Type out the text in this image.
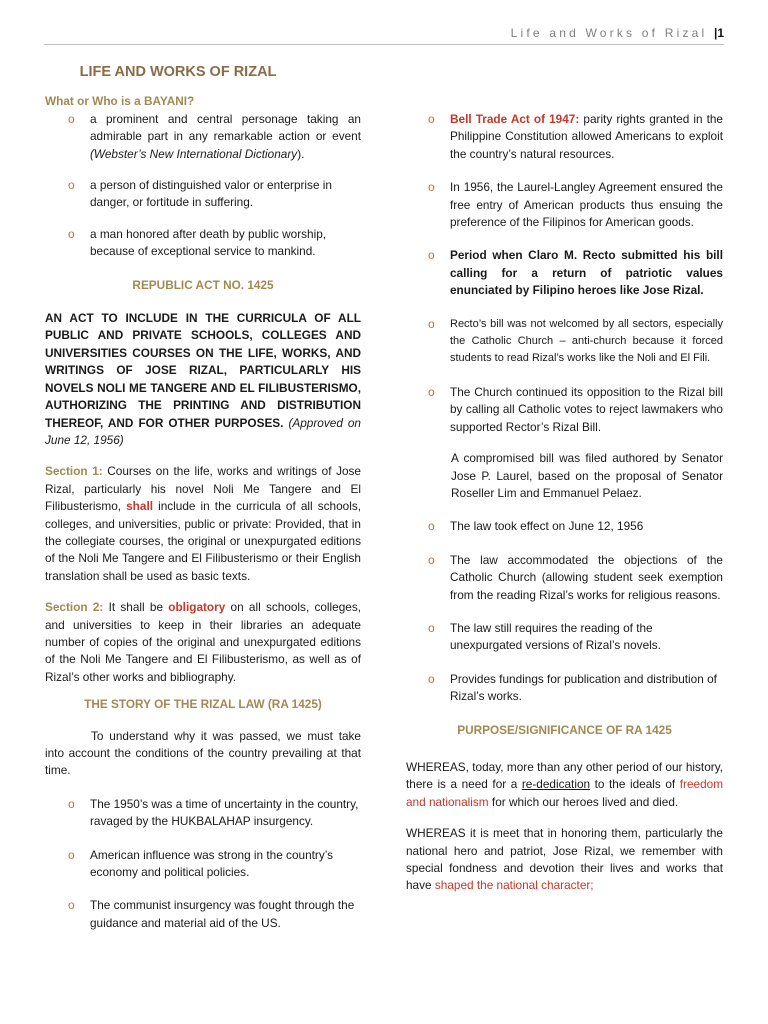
Life and Works of Rizal |1
LIFE AND WORKS OF RIZAL
What or Who is a BAYANI?
o	a prominent and central personage taking an admirable part in any remarkable action or event (Webster’s New International Dictionary).
o	a person of distinguished valor or enterprise in danger, or fortitude in suffering.
o	a man honored after death by public worship, because of exceptional service to mankind.
REPUBLIC ACT NO. 1425

AN ACT TO INCLUDE IN THE CURRICULA OF ALL PUBLIC AND PRIVATE SCHOOLS, COLLEGES AND UNIVERSITIES COURSES ON THE LIFE, WORKS, AND WRITINGS OF JOSE RIZAL, PARTICULARLY HIS NOVELS NOLI ME TANGERE AND EL FILIBUSTERISMO, AUTHORIZING THE PRINTING AND DISTRIBUTION THEREOF, AND FOR OTHER PURPOSES. (Approved on June 12, 1956)

Section 1: Courses on the life, works and writings of Jose Rizal, particularly his novel Noli Me Tangere and El Filibusterismo, shall include in the curricula of all schools, colleges, and universities, public or private: Provided, that in the collegiate courses, the original or unexpurgated editions of the Noli Me Tangere and El Filibusterismo or their English translation shall be used as basic texts.

Section 2: It shall be obligatory on all schools, colleges, and universities to keep in their libraries an adequate number of copies of the original and unexpurgated editions of the Noli Me Tangere and El Filibusterismo, as well as of Rizal’s other works and bibliography.

THE STORY OF THE RIZAL LAW (RA 1425)

To understand why it was passed, we must take into account the conditions of the country prevailing at that time.

o	The 1950’s was a time of uncertainty in the country, ravaged by the HUKBALAHAP insurgency.
o	American influence was strong in the country’s economy and political policies.
o	The communist insurgency was fought through the guidance and material aid of the US.
o	Bell Trade Act of 1947: parity rights granted in the Philippine Constitution allowed Americans to exploit the country’s natural resources.
o	In 1956, the Laurel-Langley Agreement ensured the free entry of American products thus ensuing the preference of the Filipinos for American goods.
o	Period when Claro M. Recto submitted his bill calling for a return of patriotic values enunciated by Filipino heroes like Jose Rizal.
o	Recto’s bill was not welcomed by all sectors, especially the Catholic Church – anti-church because it forced students to read Rizal’s works like the Noli and El Fili.
o	The Church continued its opposition to the Rizal bill by calling all Catholic votes to reject lawmakers who supported Rector’s Rizal Bill.

A compromised bill was filed authored by Senator Jose P. Laurel, based on the proposal of Senator Roseller Lim and Emmanuel Pelaez.

o	The law took effect on June 12, 1956
o	The law accommodated the objections of the Catholic Church (allowing student seek exemption from the reading Rizal’s works for religious reasons.
o	The law still requires the reading of the unexpurgated versions of Rizal’s novels.
o	Provides fundings for publication and distribution of Rizal’s works.
PURPOSE/SIGNIFICANCE OF RA 1425

WHEREAS, today, more than any other period of our history, there is a need for a re-dedication to the ideals of freedom and nationalism for which our heroes lived and died.

WHEREAS it is meet that in honoring them, particularly the national hero and patriot, Jose Rizal, we remember with special fondness and devotion their lives and works that have shaped the national character;
